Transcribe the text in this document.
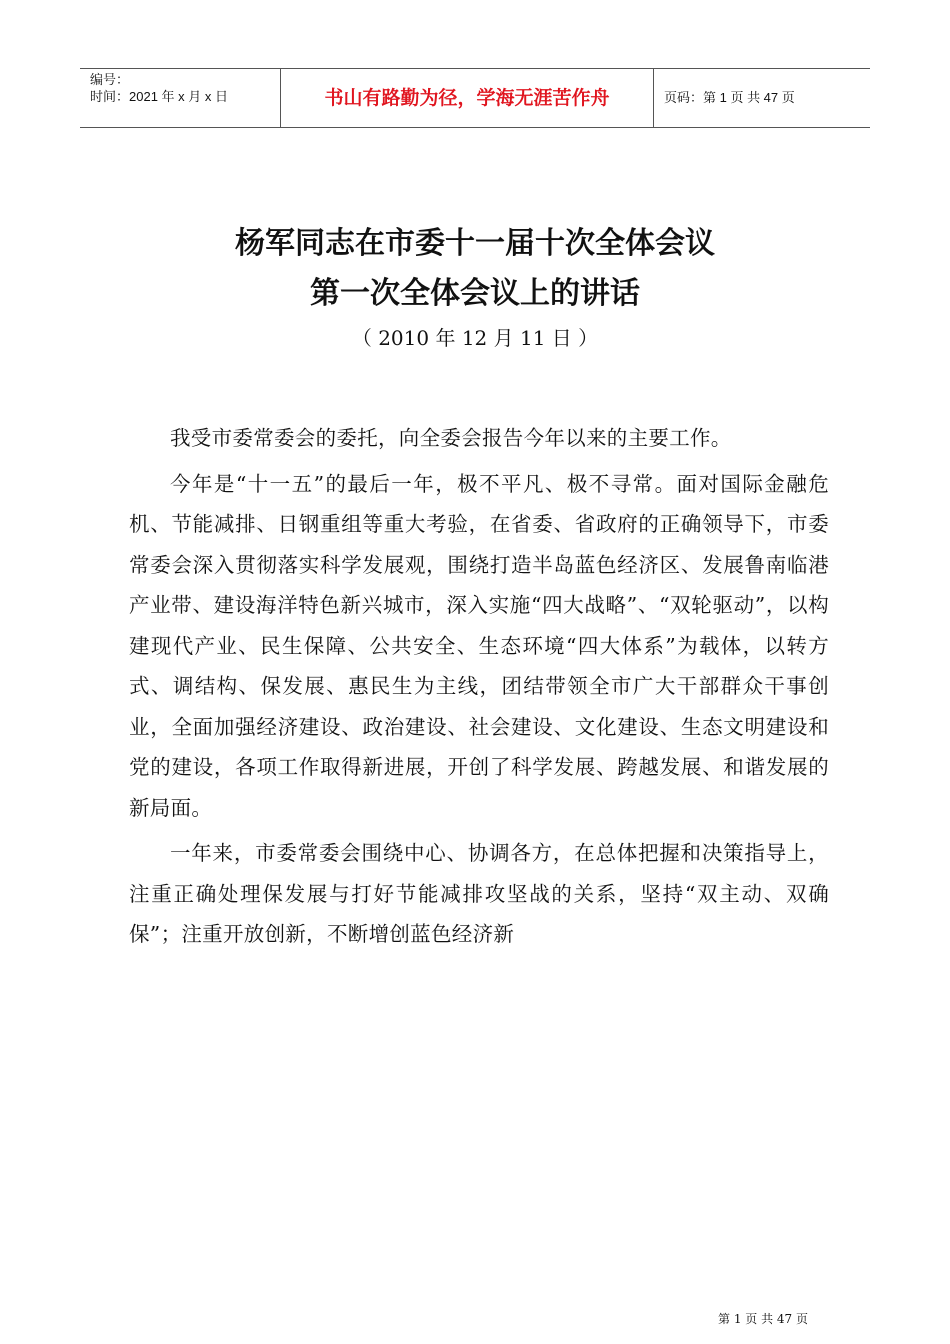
编号：
时间：2021 年 x 月 x 日	书山有路勤为径，学海无涯苦作舟	页码：第 1 页 共 47 页
杨军同志在市委十一届十次全体会议
第一次全体会议上的讲话
（ 2010 年 12 月 11 日 ）

我受市委常委会的委托，向全委会报告今年以来的主要工作。

今年是“十一五”的最后一年，极不平凡、极不寻常。面对国际金融危机、节能减排、日钢重组等重大考验，在省委、省政府的正确领导下，市委常委会深入贯彻落实科学发展观，围绕打造半岛蓝色经济区、发展鲁南临港产业带、建设海洋特色新兴城市，深入实施“四大战略”、“双轮驱动”，以构建现代产业、民生保障、公共安全、生态环境“四大体系”为载体，以转方式、调结构、保发展、惠民生为主线，团结带领全市广大干部群众干事创业，全面加强经济建设、政治建设、社会建设、文化建设、生态文明建设和党的建设，各项工作取得新进展，开创了科学发展、跨越发展、和谐发展的新局面。

一年来，市委常委会围绕中心、协调各方，在总体把握和决策指导上，注重正确处理保发展与打好节能减排攻坚战的关系，坚持“双主动、双确保”；注重开放创新，不断增创蓝色经济新

第 1 页 共 47 页
